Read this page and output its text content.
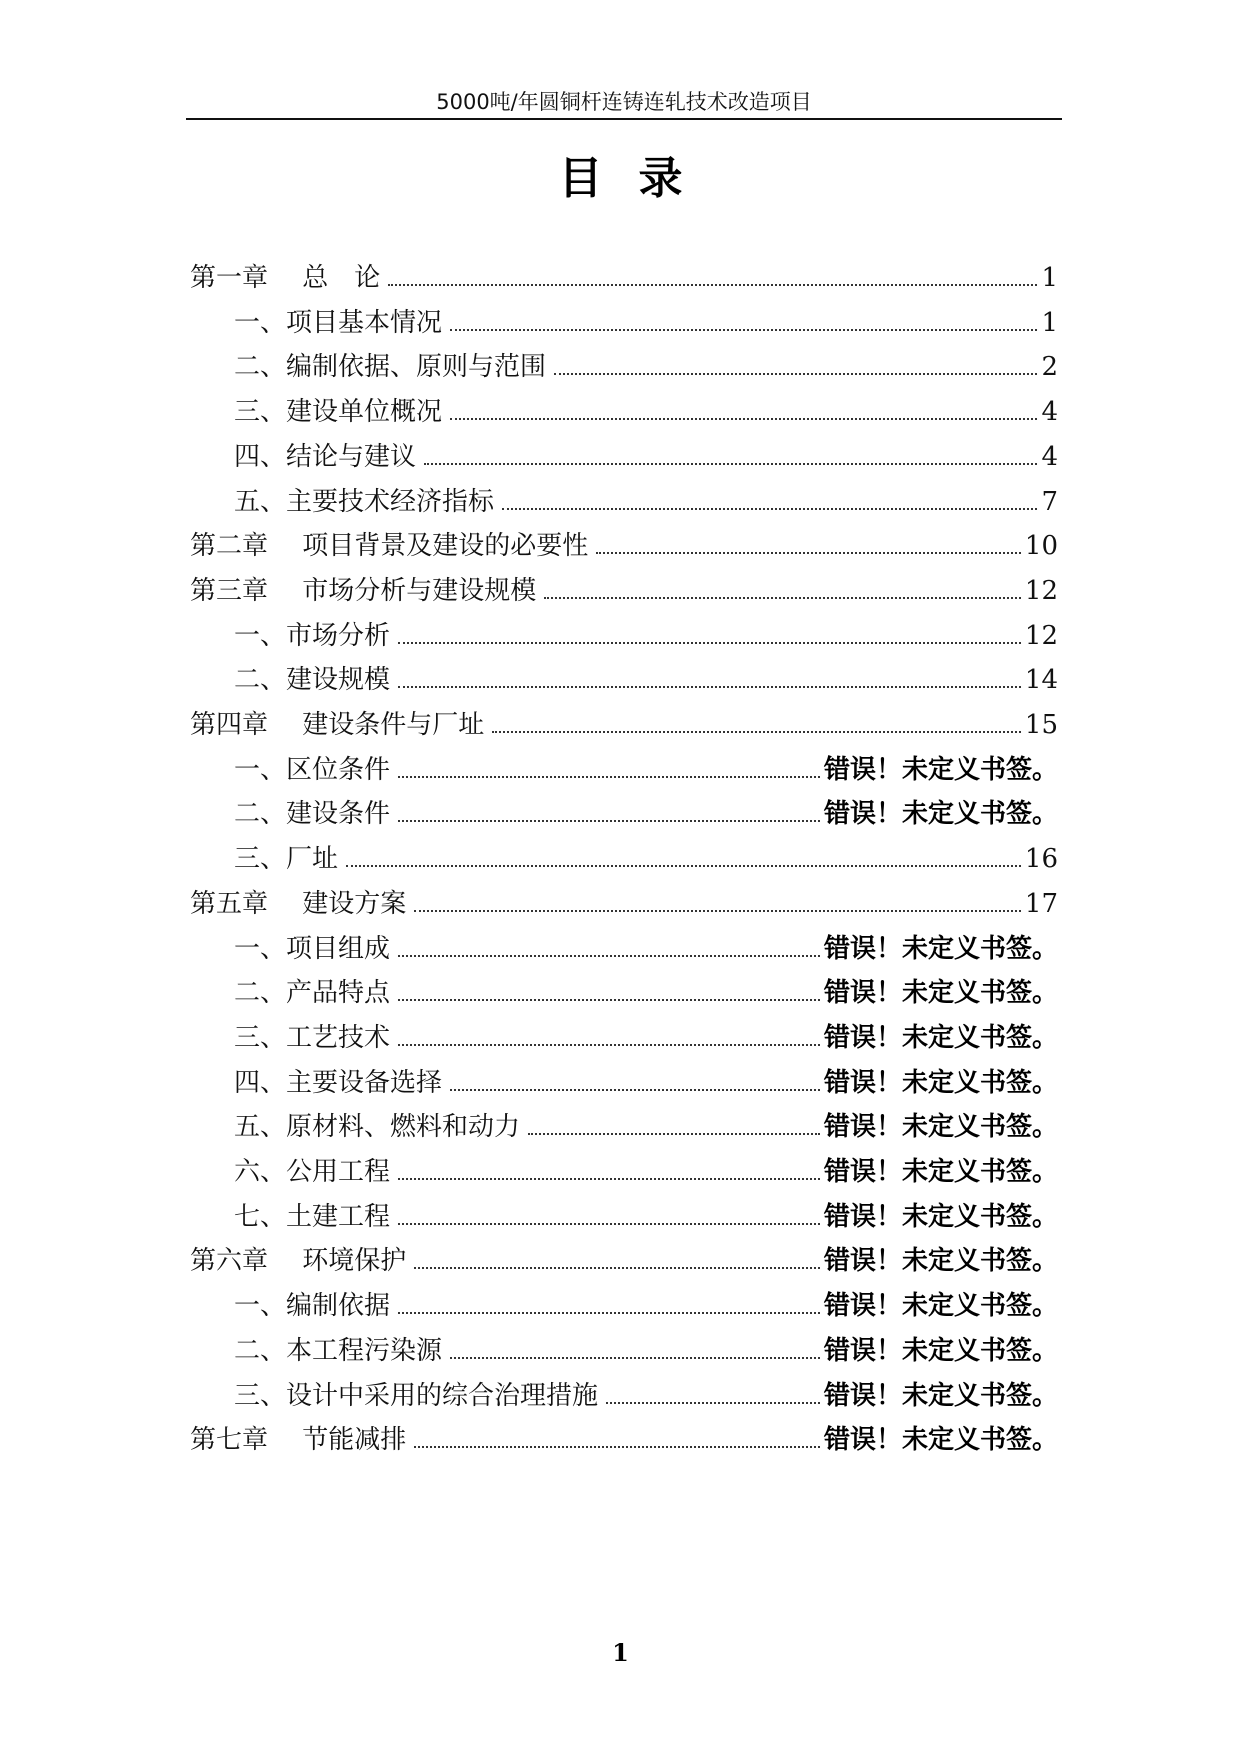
5000吨/年圆铜杆连铸连轧技术改造项目
目录
第一章　 总　论	1
一、项目基本情况	1
二、编制依据、原则与范围	2
三、建设单位概况	4
四、结论与建议	4
五、主要技术经济指标	7
第二章　 项目背景及建设的必要性	10
第三章　 市场分析与建设规模	12
一、市场分析	12
二、建设规模	14
第四章　 建设条件与厂址	15
一、区位条件	错误！未定义书签。
二、建设条件	错误！未定义书签。
三、厂址	16
第五章　 建设方案	17
一、项目组成	错误！未定义书签。
二、产品特点	错误！未定义书签。
三、工艺技术	错误！未定义书签。
四、主要设备选择	错误！未定义书签。
五、原材料、燃料和动力	错误！未定义书签。
六、公用工程	错误！未定义书签。
七、土建工程	错误！未定义书签。
第六章　 环境保护	错误！未定义书签。
一、编制依据	错误！未定义书签。
二、本工程污染源	错误！未定义书签。
三、设计中采用的综合治理措施	错误！未定义书签。
第七章　 节能减排	错误！未定义书签。
1
